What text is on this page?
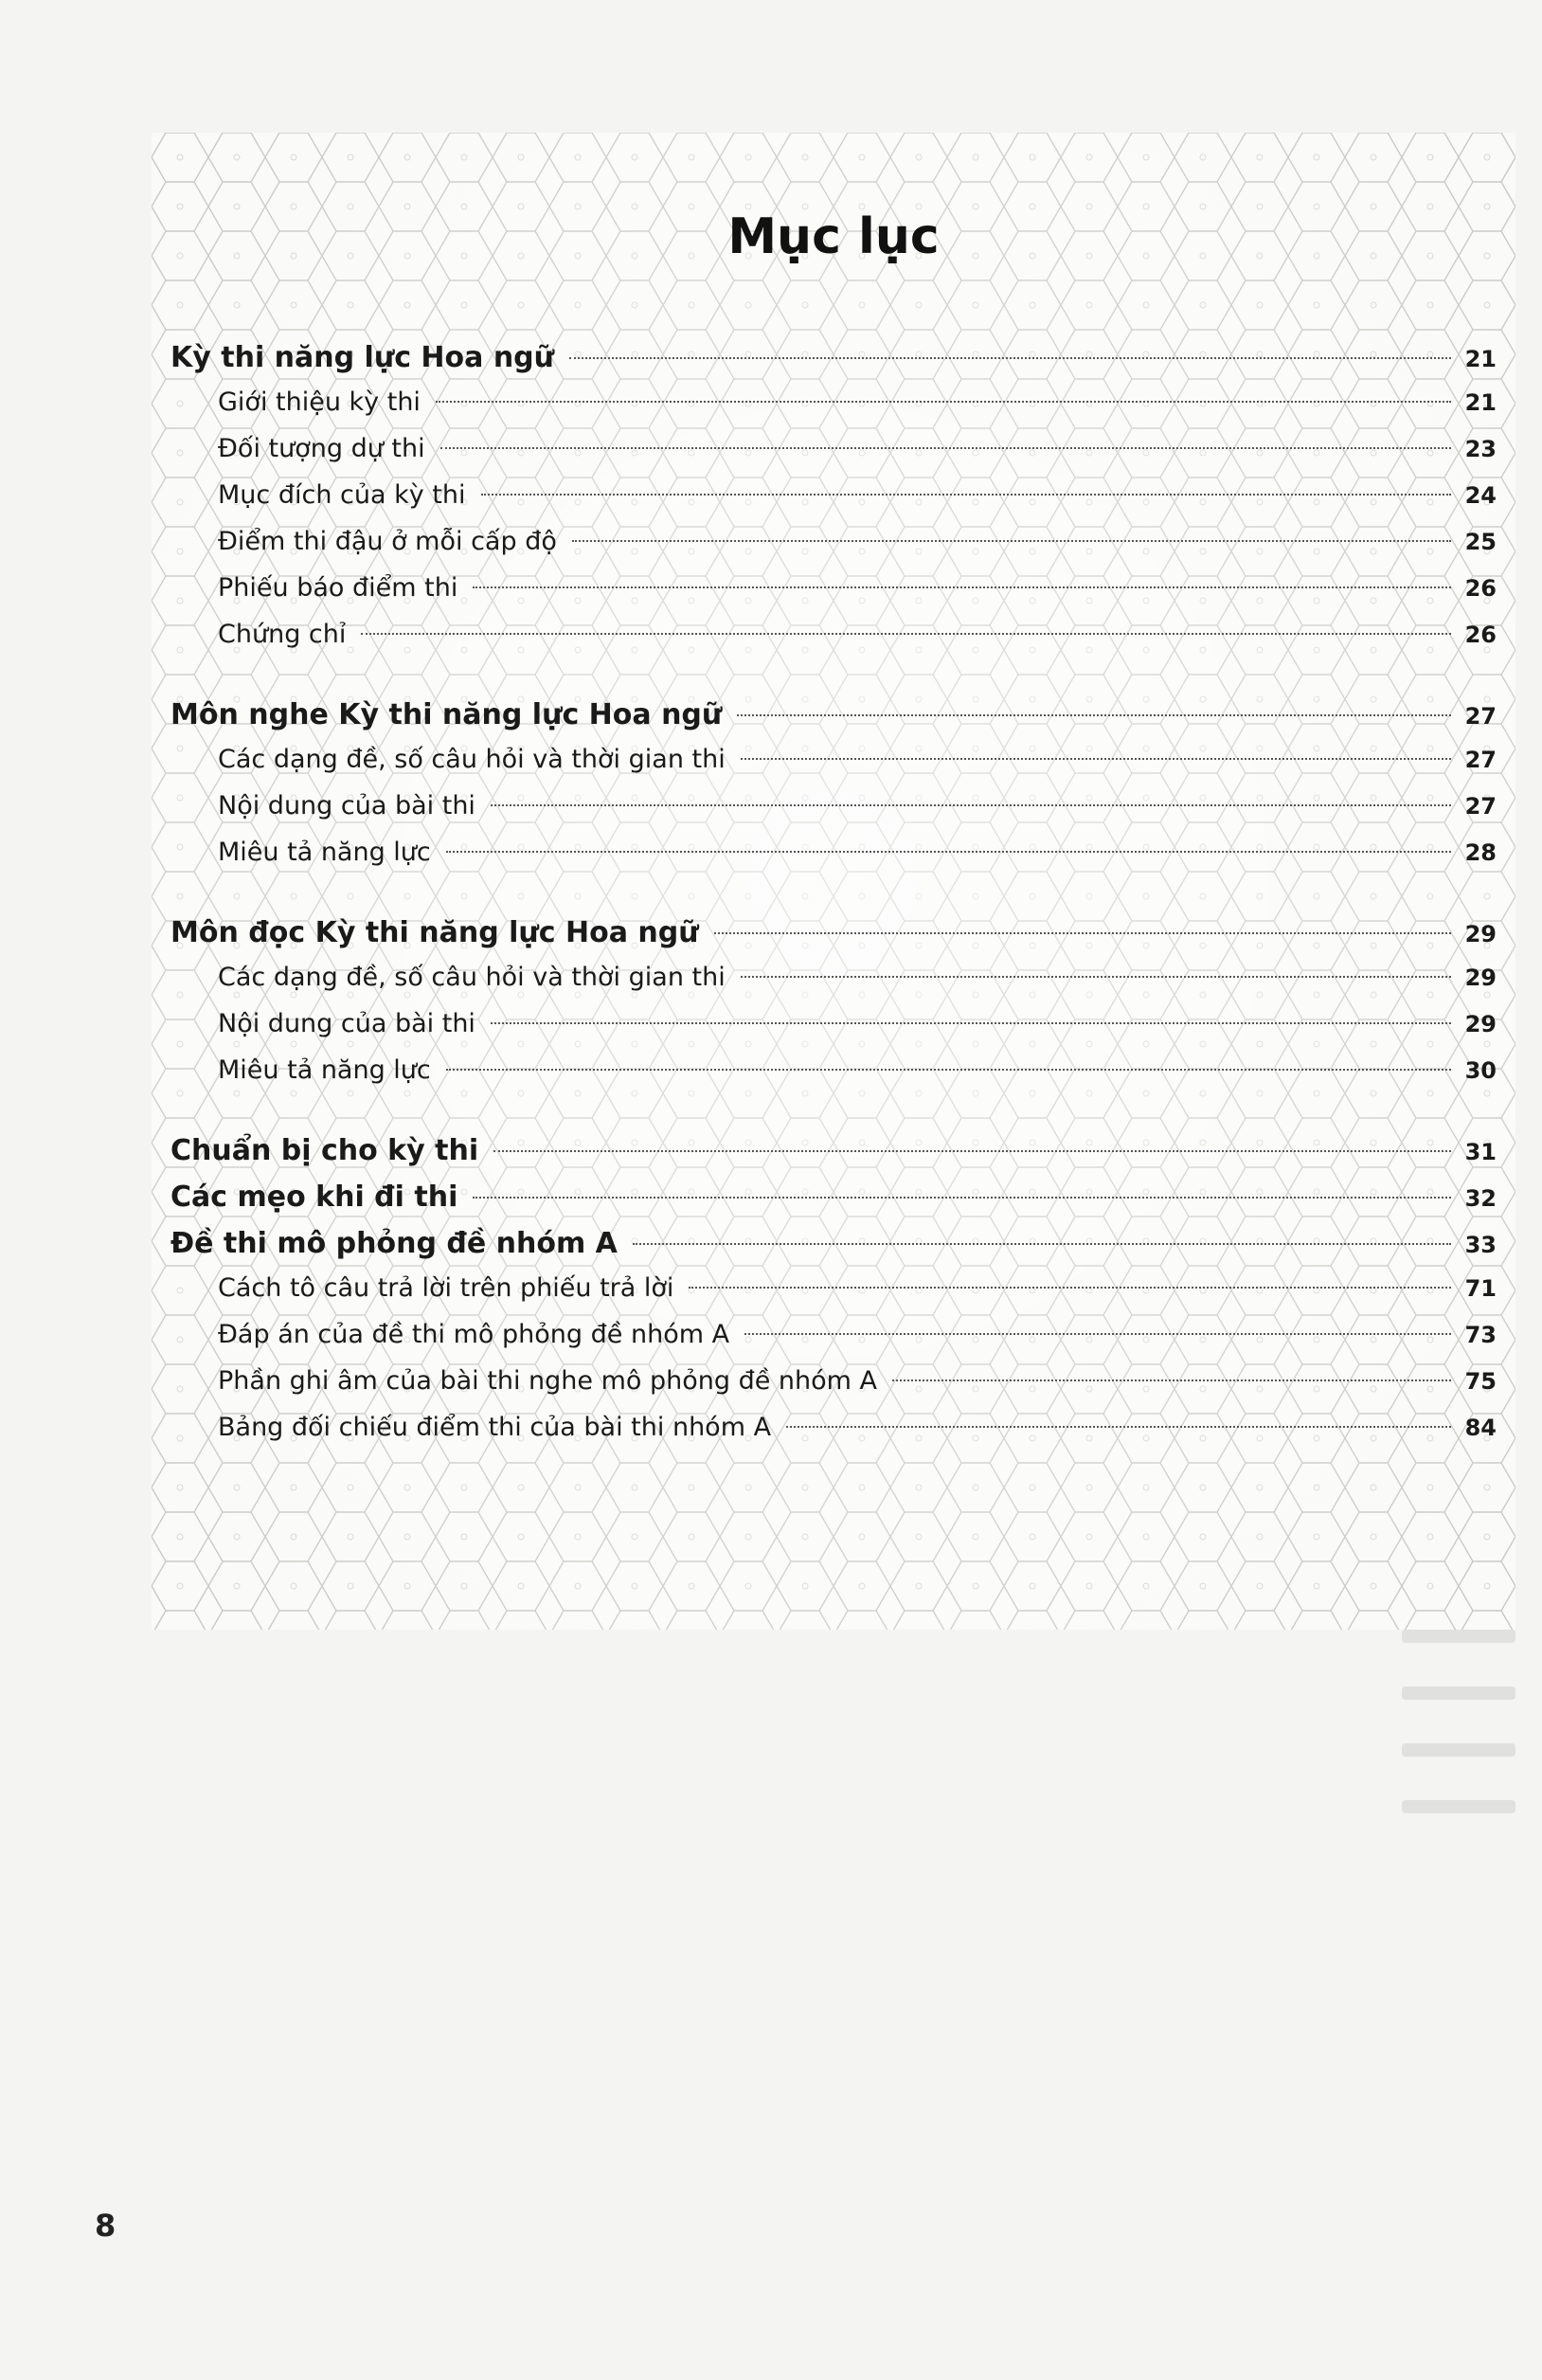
Mục lục
Kỳ thi năng lực Hoa ngữ	21
Giới thiệu kỳ thi	21
Đối tượng dự thi	23
Mục đích của kỳ thi	24
Điểm thi đậu ở mỗi cấp độ	25
Phiếu báo điểm thi	26
Chứng chỉ	26
Môn nghe Kỳ thi năng lực Hoa ngữ	27
Các dạng đề, số câu hỏi và thời gian thi	27
Nội dung của bài thi	27
Miêu tả năng lực	28
Môn đọc Kỳ thi năng lực Hoa ngữ	29
Các dạng đề, số câu hỏi và thời gian thi	29
Nội dung của bài thi	29
Miêu tả năng lực	30
Chuẩn bị cho kỳ thi	31
Các mẹo khi đi thi	32
Đề thi mô phỏng đề nhóm A	33
Cách tô câu trả lời trên phiếu trả lời	71
Đáp án của đề thi mô phỏng đề nhóm A	73
Phần ghi âm của bài thi nghe mô phỏng đề nhóm A	75
Bảng đối chiếu điểm thi của bài thi nhóm A	84
8
